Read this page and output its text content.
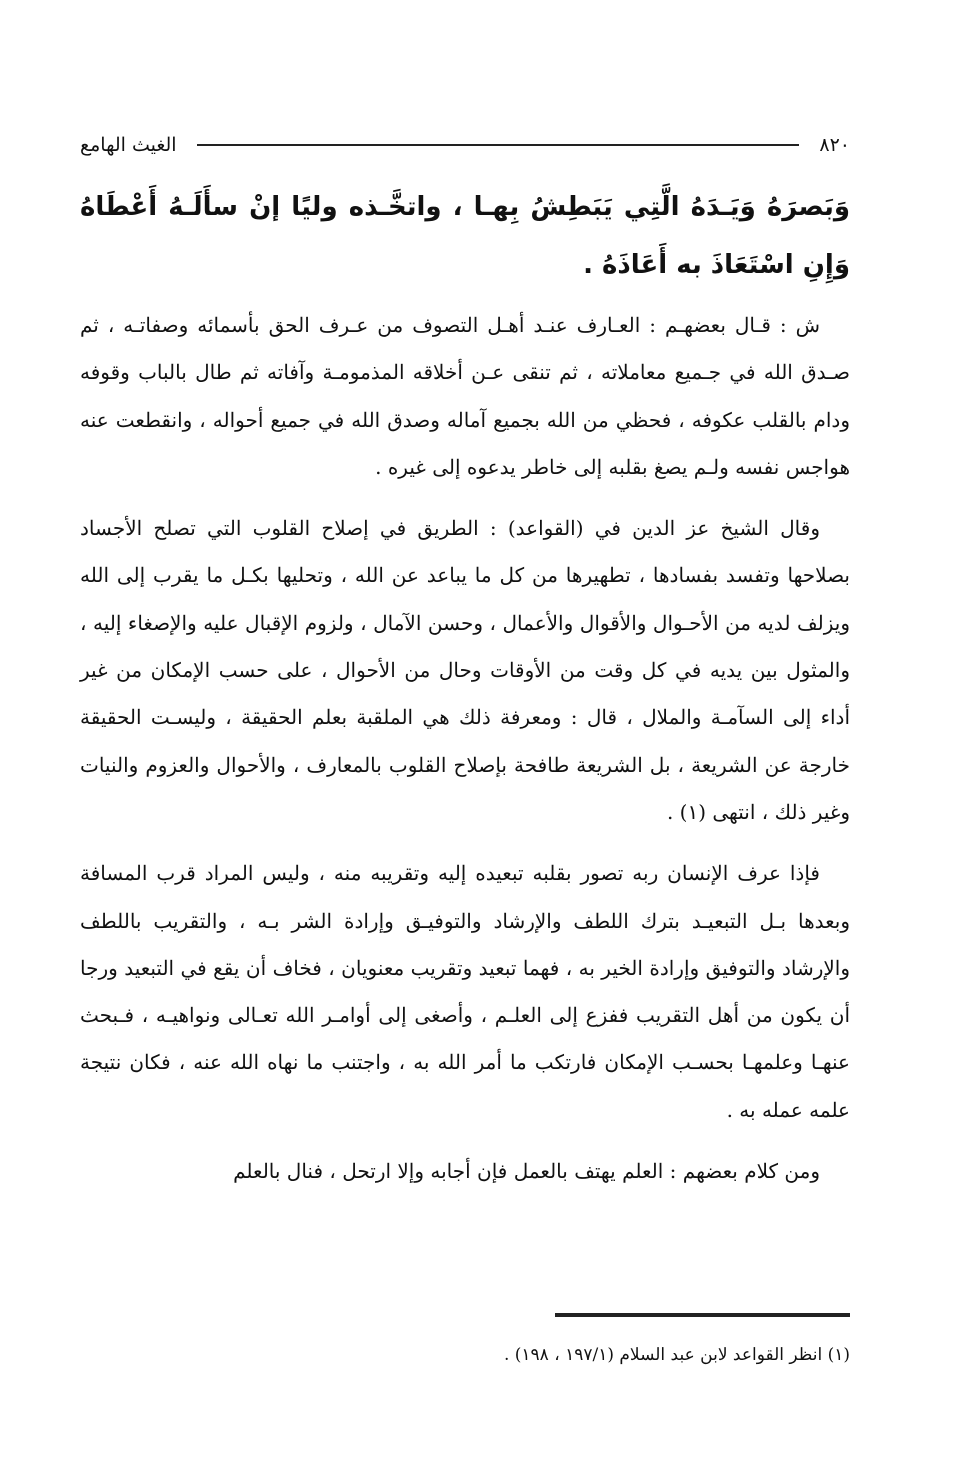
٨٢٠
الغيث الهامع

وَبَصرَهُ وَيَـدَهُ الَّتِي يَبَطِشُ بِهـا ، واتخَّـذه وليًا إنْ سأَلَـهُ أَعْطَاهُ وَإِنِ اسْتَعَاذَ به أَعَاذَهُ .

ش : قـال بعضهـم : العـارف عنـد أهـل التصوف من عـرف الحق بأسمائه وصفاتـه ، ثم صـدق الله في جـميع معاملاته ، ثم تنقى عـن أخلاقه المذمومـة وآفاته ثم طال بالباب وقوفه ودام بالقلب عكوفه ، فحظي من الله بجميع آماله وصدق الله في جميع أحواله ، وانقطعت عنه هواجس نفسه ولـم يصغ بقلبه إلى خاطر يدعوه إلى غيره .

وقال الشيخ عز الدين في (القواعد) : الطريق في إصلاح القلوب التي تصلح الأجساد بصلاحها وتفسد بفسادها ، تطهيرها من كل ما يباعد عن الله ، وتحليها بكـل ما يقرب إلى الله ويزلف لديه من الأحـوال والأقوال والأعمال ، وحسن الآمال ، ولزوم الإقبال عليه والإصغاء إليه ، والمثول بين يديه في كل وقت من الأوقات وحال من الأحوال ، على حسب الإمكان من غير أداء إلى السآمـة والملال ، قال : ومعرفة ذلك هي الملقبة بعلم الحقيقة ، وليسـت الحقيقة خارجة عن الشريعة ، بل الشريعة طافحة بإصلاح القلوب بالمعارف ، والأحوال والعزوم والنيات وغير ذلك ، انتهى (١) .

فإذا عرف الإنسان ربه تصور بقلبه تبعيده إليه وتقريبه منه ، وليس المراد قرب المسافة وبعدها بـل التبعيـد بترك اللطف والإرشاد والتوفيـق وإرادة الشر بـه ، والتقريب باللطف والإرشاد والتوفيق وإرادة الخير به ، فهما تبعيد وتقريب معنويان ، فخاف أن يقع في التبعيد ورجا أن يكون من أهل التقريب ففزع إلى العلـم ، وأصغى إلى أوامـر الله تعـالى ونواهيـه ، فـبحث عنهـا وعلمهـا بحسـب الإمكان فارتكب ما أمر الله به ، واجتنب ما نهاه الله عنه ، فكان نتيجة علمه عمله به .

ومن كلام بعضهم : العلم يهتف بالعمل فإن أجابه وإلا ارتحل ، فنال بالعلم

(١) انظر القواعد لابن عبد السلام (١٩٧/١ ، ١٩٨) .
